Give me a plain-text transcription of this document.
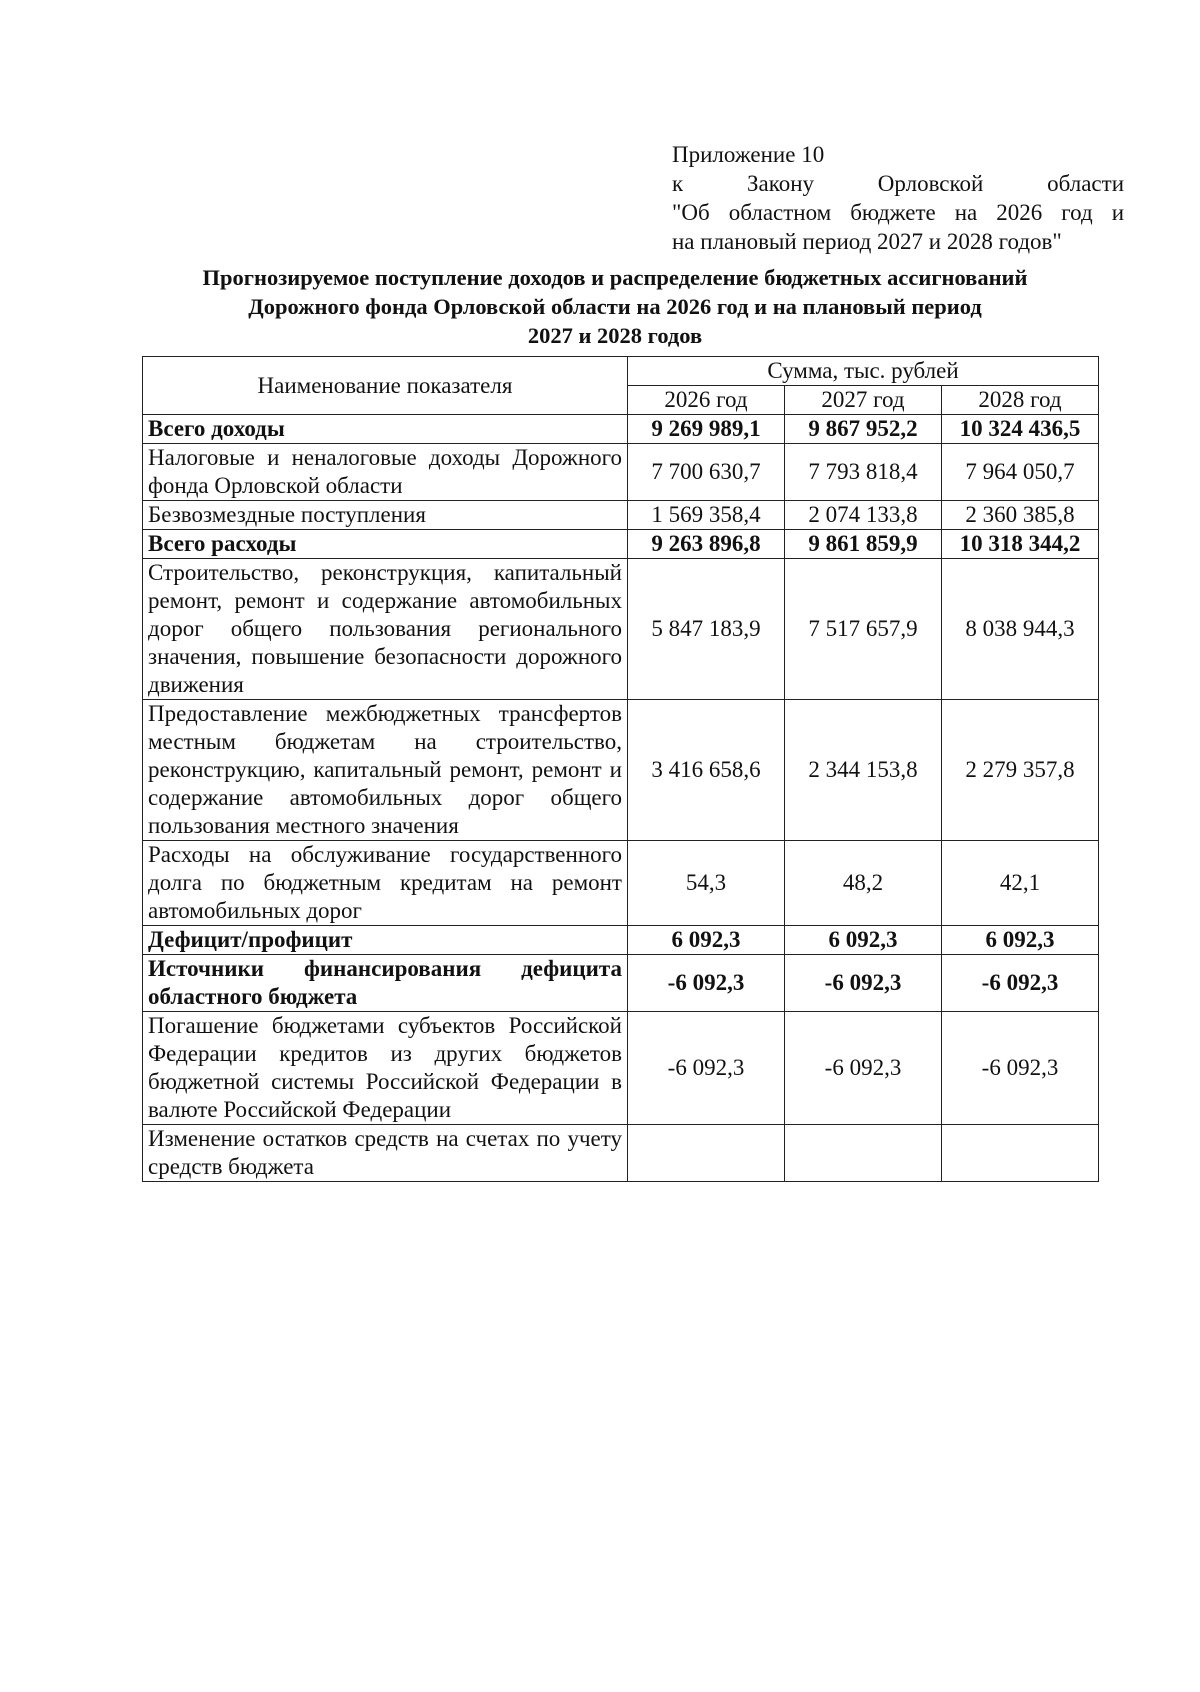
Приложение 10
к Закону Орловской области
"Об областном бюджете на 2026 год и
на плановый период 2027 и 2028 годов"
Прогнозируемое поступление доходов и распределение бюджетных ассигнований
Дорожного фонда Орловской области на 2026 год и на плановый период
2027 и 2028 годов
Наименование показателя	Сумма, тыс. рублей		
	2026 год	2027 год	2028 год
Всего доходы	9 269 989,1	9 867 952,2	10 324 436,5
Налоговые и неналоговые доходы Дорожного фонда Орловской области	7 700 630,7	7 793 818,4	7 964 050,7
Безвозмездные поступления	1 569 358,4	2 074 133,8	2 360 385,8
Всего расходы	9 263 896,8	9 861 859,9	10 318 344,2
Строительство, реконструкция, капитальный ремонт, ремонт и содержание автомобильных дорог общего пользования регионального значения, повышение безопасности дорожного движения	5 847 183,9	7 517 657,9	8 038 944,3
Предоставление межбюджетных трансфертов местным бюджетам на строительство, реконструкцию, капитальный ремонт, ремонт и содержание автомобильных дорог общего пользования местного значения	3 416 658,6	2 344 153,8	2 279 357,8
Расходы на обслуживание государственного долга по бюджетным кредитам на ремонт автомобильных дорог	54,3	48,2	42,1
Дефицит/профицит	6 092,3	6 092,3	6 092,3
Источники финансирования дефицита областного бюджета	-6 092,3	-6 092,3	-6 092,3
Погашение бюджетами субъектов Российской Федерации кредитов из других бюджетов бюджетной системы Российской Федерации в валюте Российской Федерации	-6 092,3	-6 092,3	-6 092,3
Изменение остатков средств на счетах по учету средств бюджета			
